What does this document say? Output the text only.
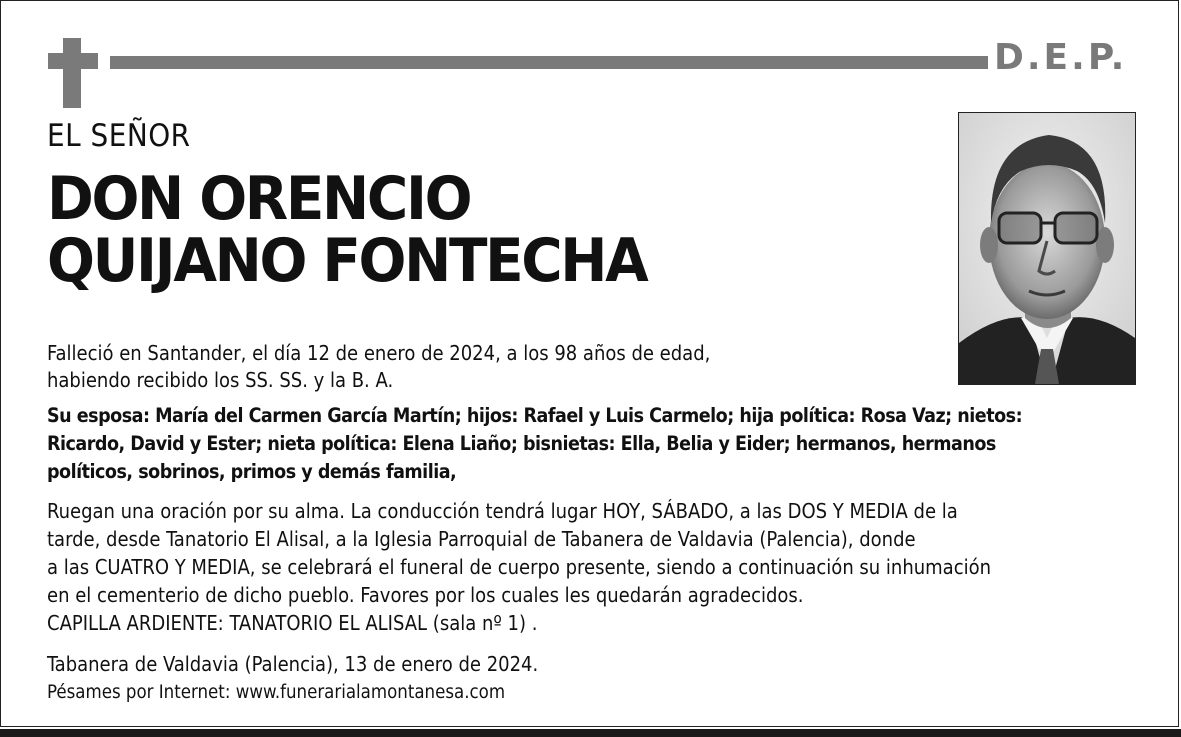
D.E.P.
EL SEÑOR
DON ORENCIO
QUIJANO FONTECHA

Falleció en Santander, el día 12 de enero de 2024, a los 98 años de edad,
habiendo recibido los SS. SS. y la B. A.

Su esposa: María del Carmen García Martín; hijos: Rafael y Luis Carmelo; hija política: Rosa Vaz; nietos:
Ricardo, David y Ester; nieta política: Elena Liaño; bisnietas: Ella, Belia y Eider; hermanos, hermanos
políticos, sobrinos, primos y demás familia,

Ruegan una oración por su alma. La conducción tendrá lugar HOY, SÁBADO, a las DOS Y MEDIA de la
tarde, desde Tanatorio El Alisal, a la Iglesia Parroquial de Tabanera de Valdavia (Palencia), donde
a las CUATRO Y MEDIA, se celebrará el funeral de cuerpo presente, siendo a continuación su inhumación
en el cementerio de dicho pueblo. Favores por los cuales les quedarán agradecidos.
CAPILLA ARDIENTE: TANATORIO EL ALISAL (sala nº 1) .

Tabanera de Valdavia (Palencia), 13 de enero de 2024.

Pésames por Internet: www.funerarialamontanesa.com
